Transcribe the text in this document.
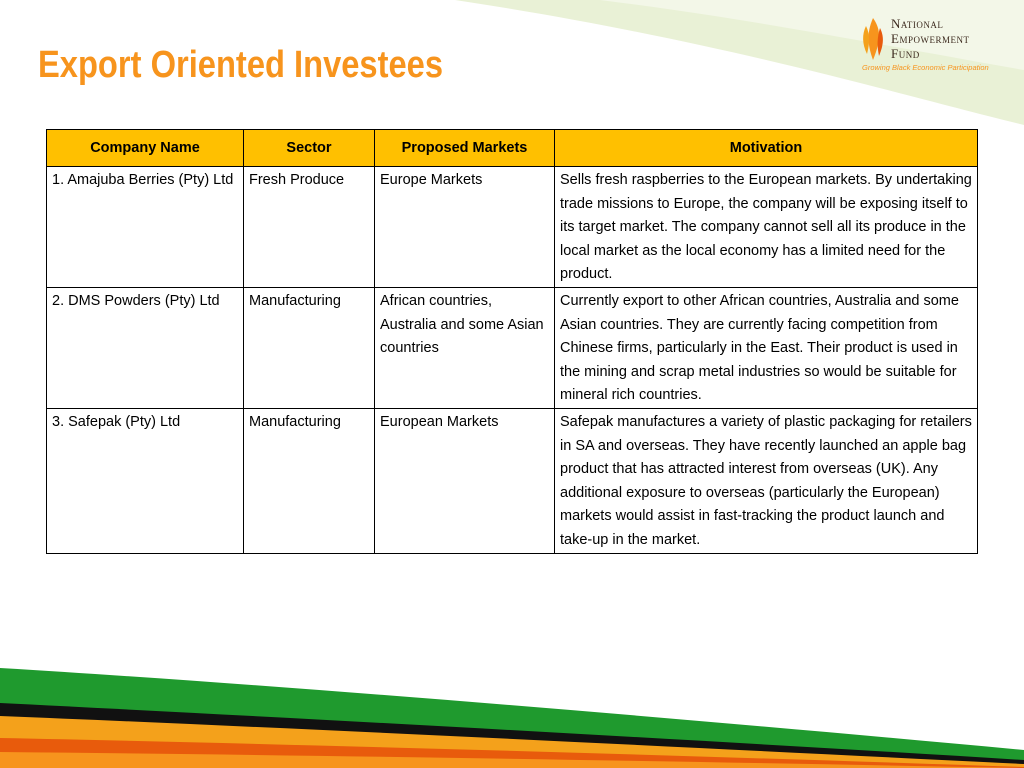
Export Oriented Investees
National
Empowerment
Fund
Growing Black Economic Participation
Company Name	Sector	Proposed Markets	Motivation

1. Amajuba Berries (Pty) Ltd	Fresh Produce	Europe Markets	Sells fresh raspberries to the European markets. By undertaking trade missions to Europe, the company will be exposing itself to its target market. The company cannot sell all its produce in the local market as the local economy has a limited need for the product.
2. DMS Powders (Pty) Ltd	Manufacturing	African countries, Australia and some Asian countries	Currently export to other African countries, Australia and some Asian countries. They are currently facing competition from Chinese firms, particularly in the East. Their product is used in the mining and scrap metal industries so would be suitable for mineral rich countries.
3. Safepak (Pty) Ltd	Manufacturing	European Markets	Safepak manufactures a variety of plastic packaging for retailers in SA and overseas. They have recently launched an apple bag product that has attracted interest from overseas (UK). Any additional exposure to overseas (particularly the European) markets would assist in fast-tracking the product launch and take-up in the market.
